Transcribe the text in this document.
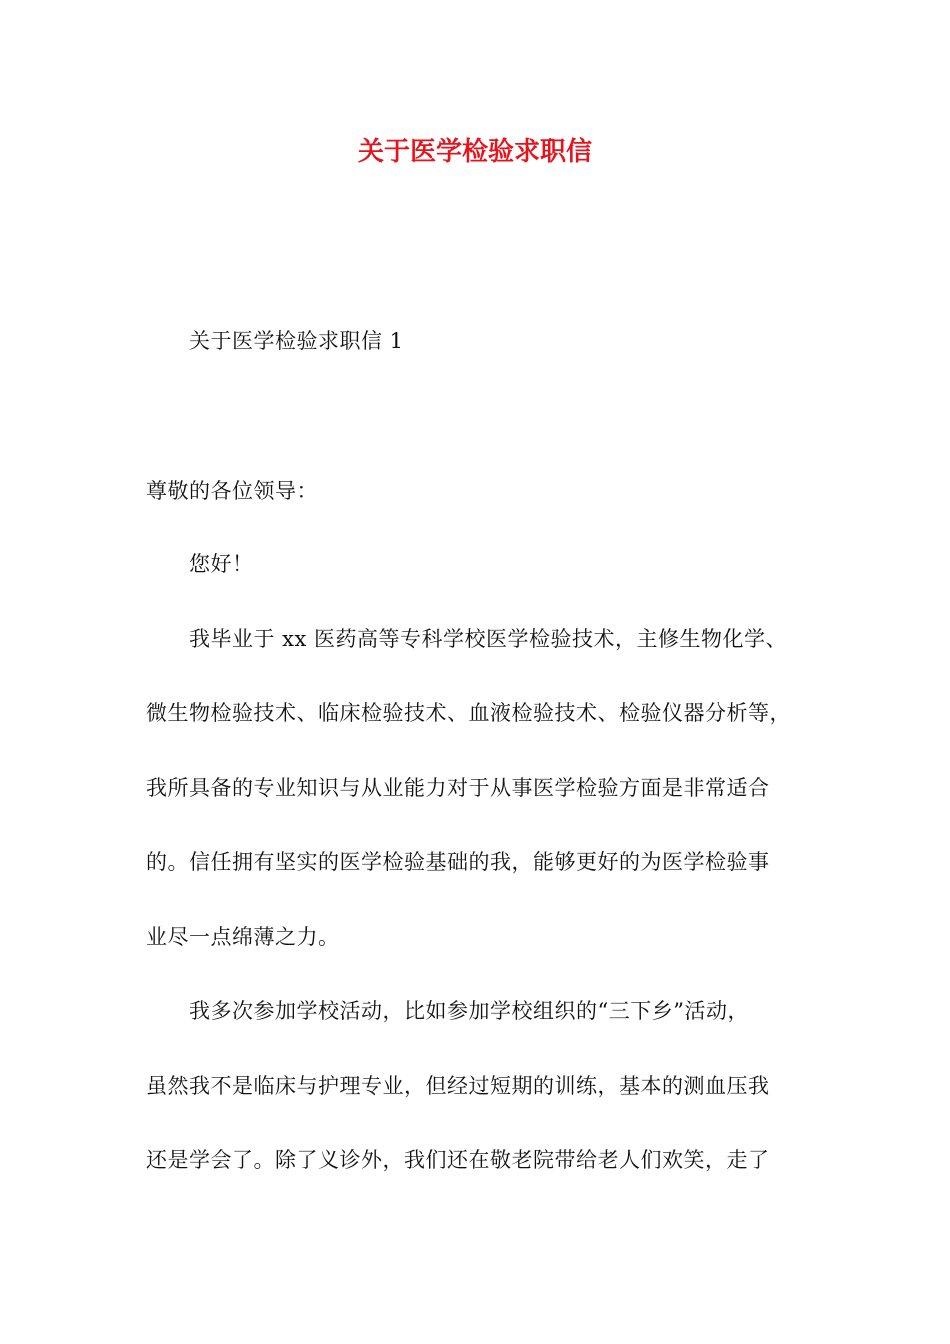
关于医学检验求职信
关于医学检验求职信 1
尊敬的各位领导：
您好！
我毕业于 xx 医药高等专科学校医学检验技术，主修生物化学、
微生物检验技术、临床检验技术、血液检验技术、检验仪器分析等，
我所具备的专业知识与从业能力对于从事医学检验方面是非常适合
的。信任拥有坚实的医学检验基础的我，能够更好的为医学检验事
业尽一点绵薄之力。
我多次参加学校活动，比如参加学校组织的“三下乡”活动，
虽然我不是临床与护理专业，但经过短期的训练，基本的测血压我
还是学会了。除了义诊外，我们还在敬老院带给老人们欢笑，走了
